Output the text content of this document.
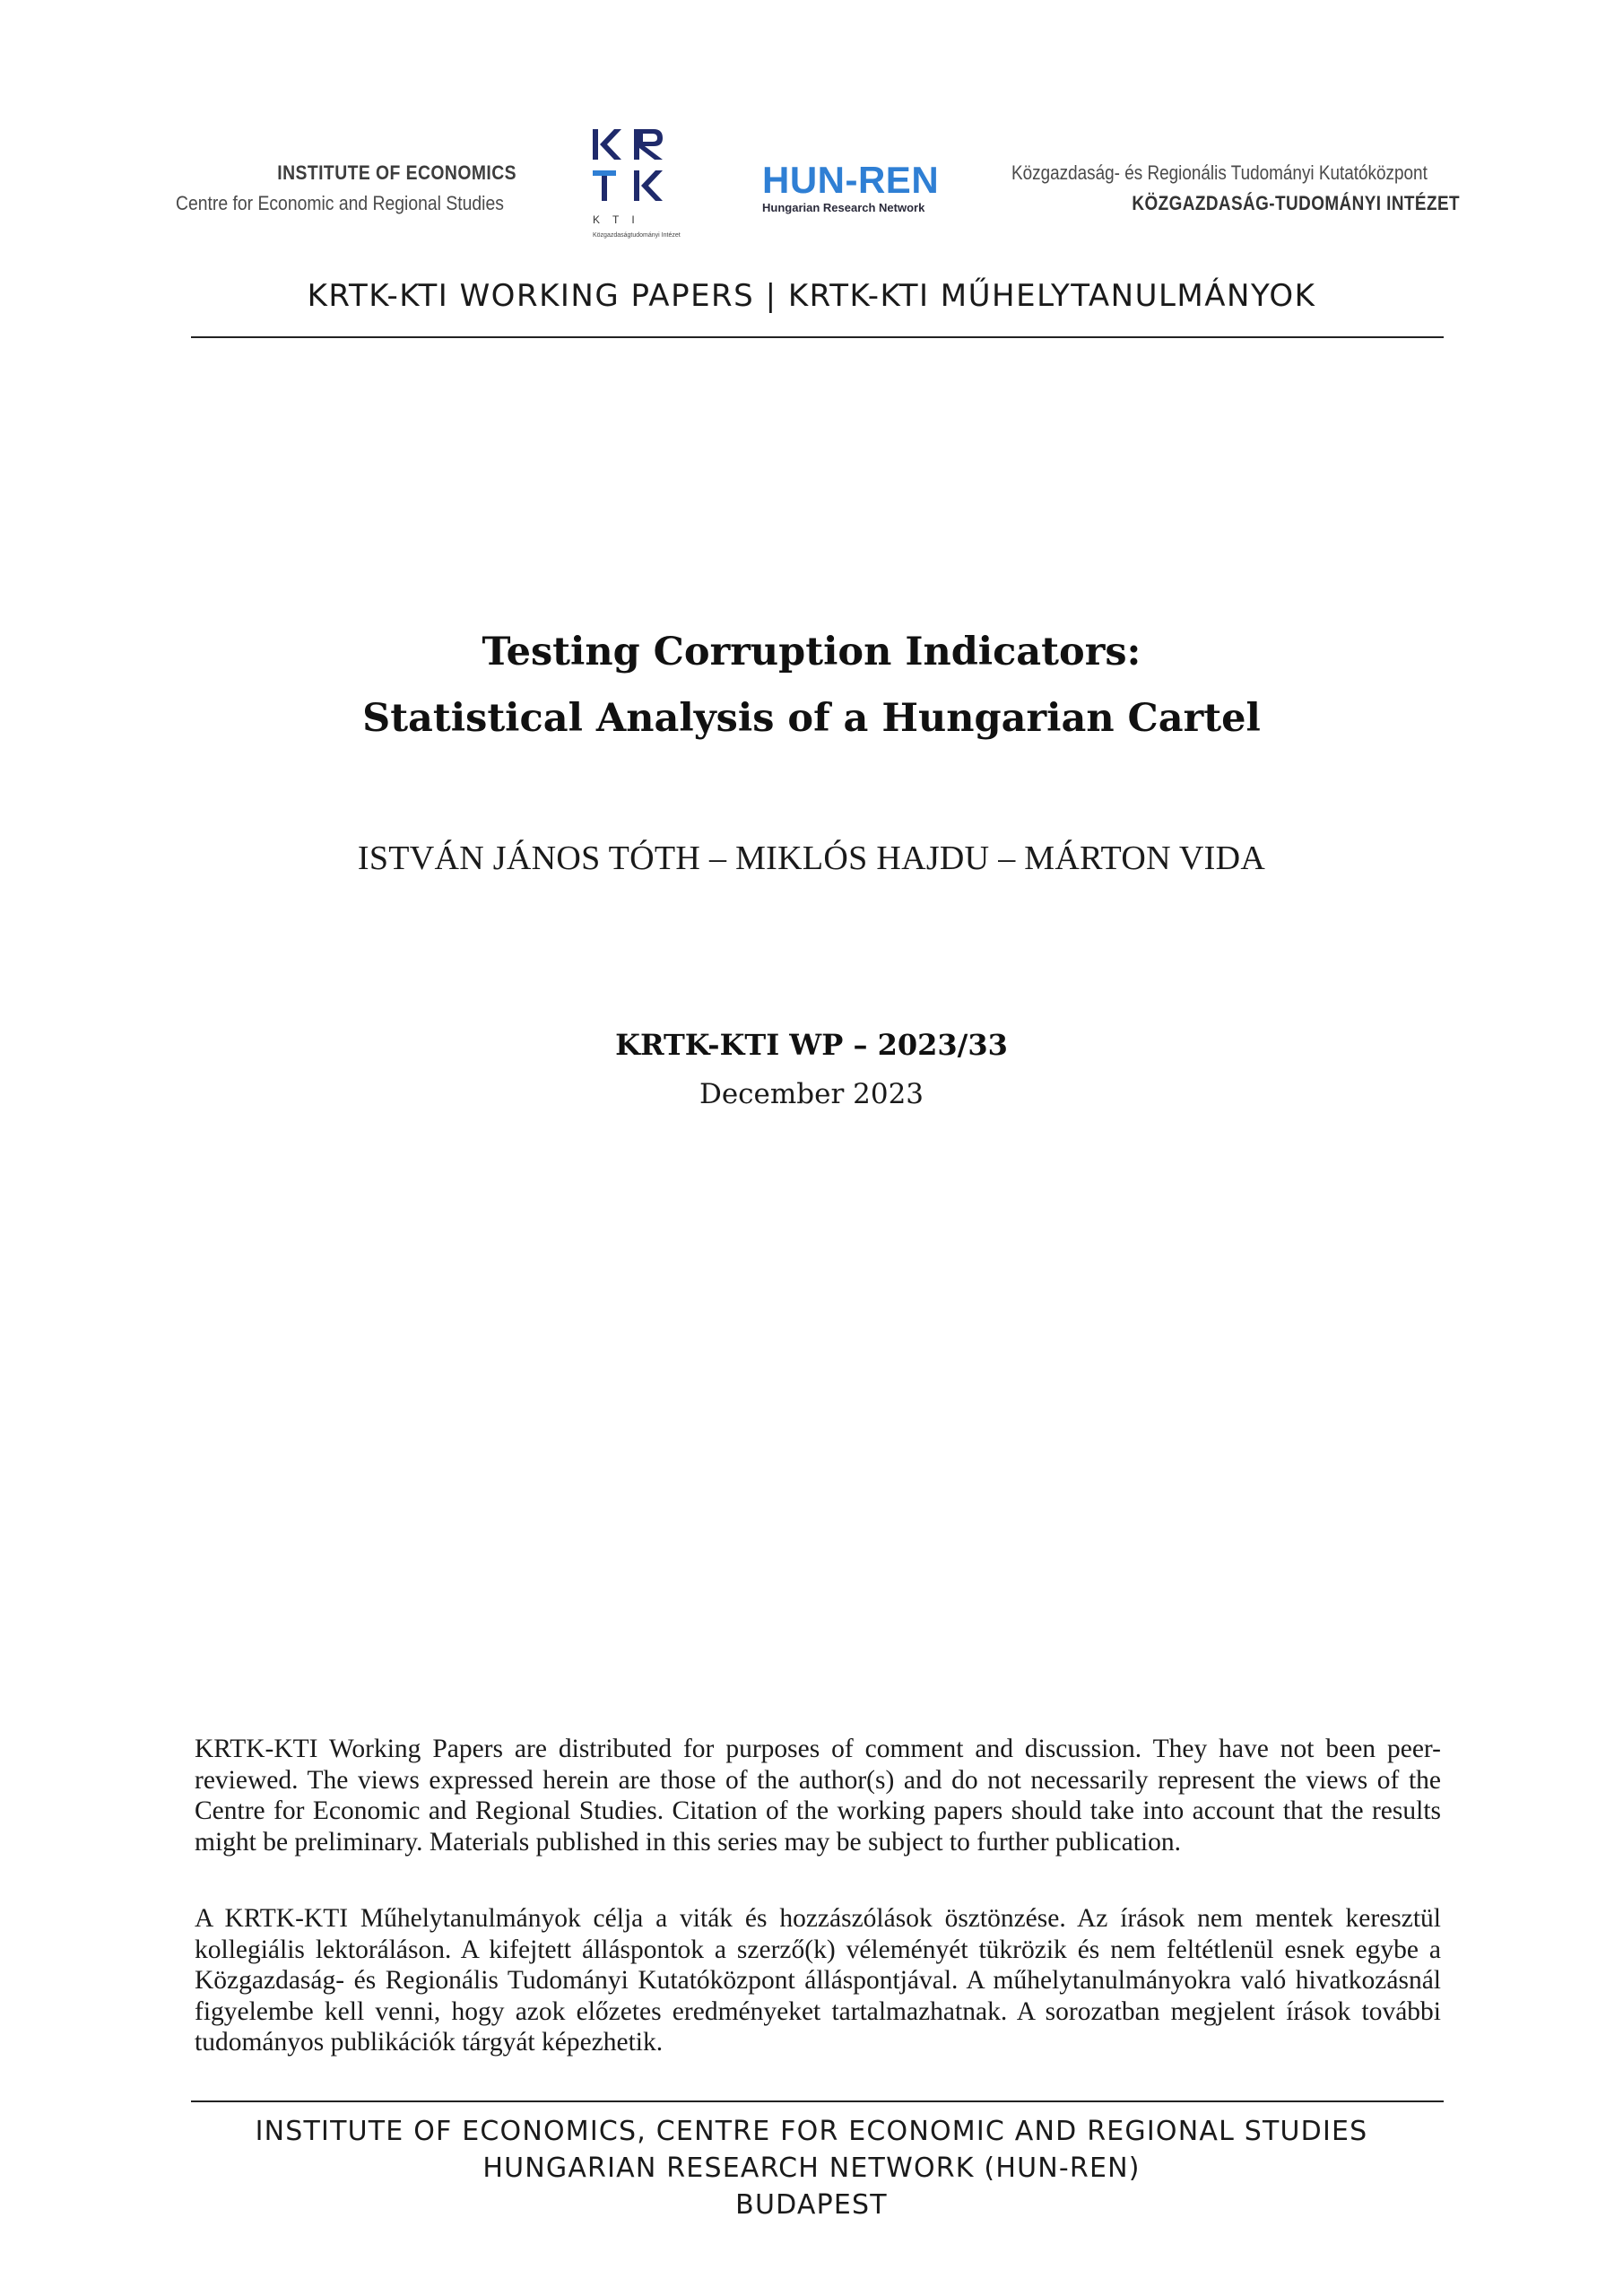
INSTITUTE OF ECONOMICS
Centre for Economic and Regional Studies
KTI
Közgazdaságtudományi Intézet
HUN-REN
Hungarian Research Network
Közgazdaság- és Regionális Tudományi Kutatóközpont
KÖZGAZDASÁG-TUDOMÁNYI INTÉZET
KRTK-KTI WORKING PAPERS | KRTK-KTI MŰHELYTANULMÁNYOK
Testing Corruption Indicators:
Statistical Analysis of a Hungarian Cartel
ISTVÁN JÁNOS TÓTH – MIKLÓS HAJDU – MÁRTON VIDA
KRTK-KTI WP – 2023/33
December 2023

KRTK-KTI Working Papers are distributed for purposes of comment and discussion. They have not been peer-reviewed. The views expressed herein are those of the author(s) and do not necessarily represent the views of the Centre for Economic and Regional Studies. Citation of the working papers should take into account that the results might be preliminary. Materials published in this series may be subject to further publication.

A KRTK-KTI Műhelytanulmányok célja a viták és hozzászólások ösztönzése. Az írások nem mentek keresztül kollegiális lektoráláson. A kifejtett álláspontok a szerző(k) véleményét tükrözik és nem feltétlenül esnek egybe a Közgazdaság- és Regionális Tudományi Kutatóközpont álláspontjával. A műhelytanulmányokra való hivatkozásnál figyelembe kell venni, hogy azok előzetes eredményeket tartalmazhatnak. A sorozatban megjelent írások további tudományos publikációk tárgyát képezhetik.

INSTITUTE OF ECONOMICS, CENTRE FOR ECONOMIC AND REGIONAL STUDIES
HUNGARIAN RESEARCH NETWORK (HUN-REN)
BUDAPEST
